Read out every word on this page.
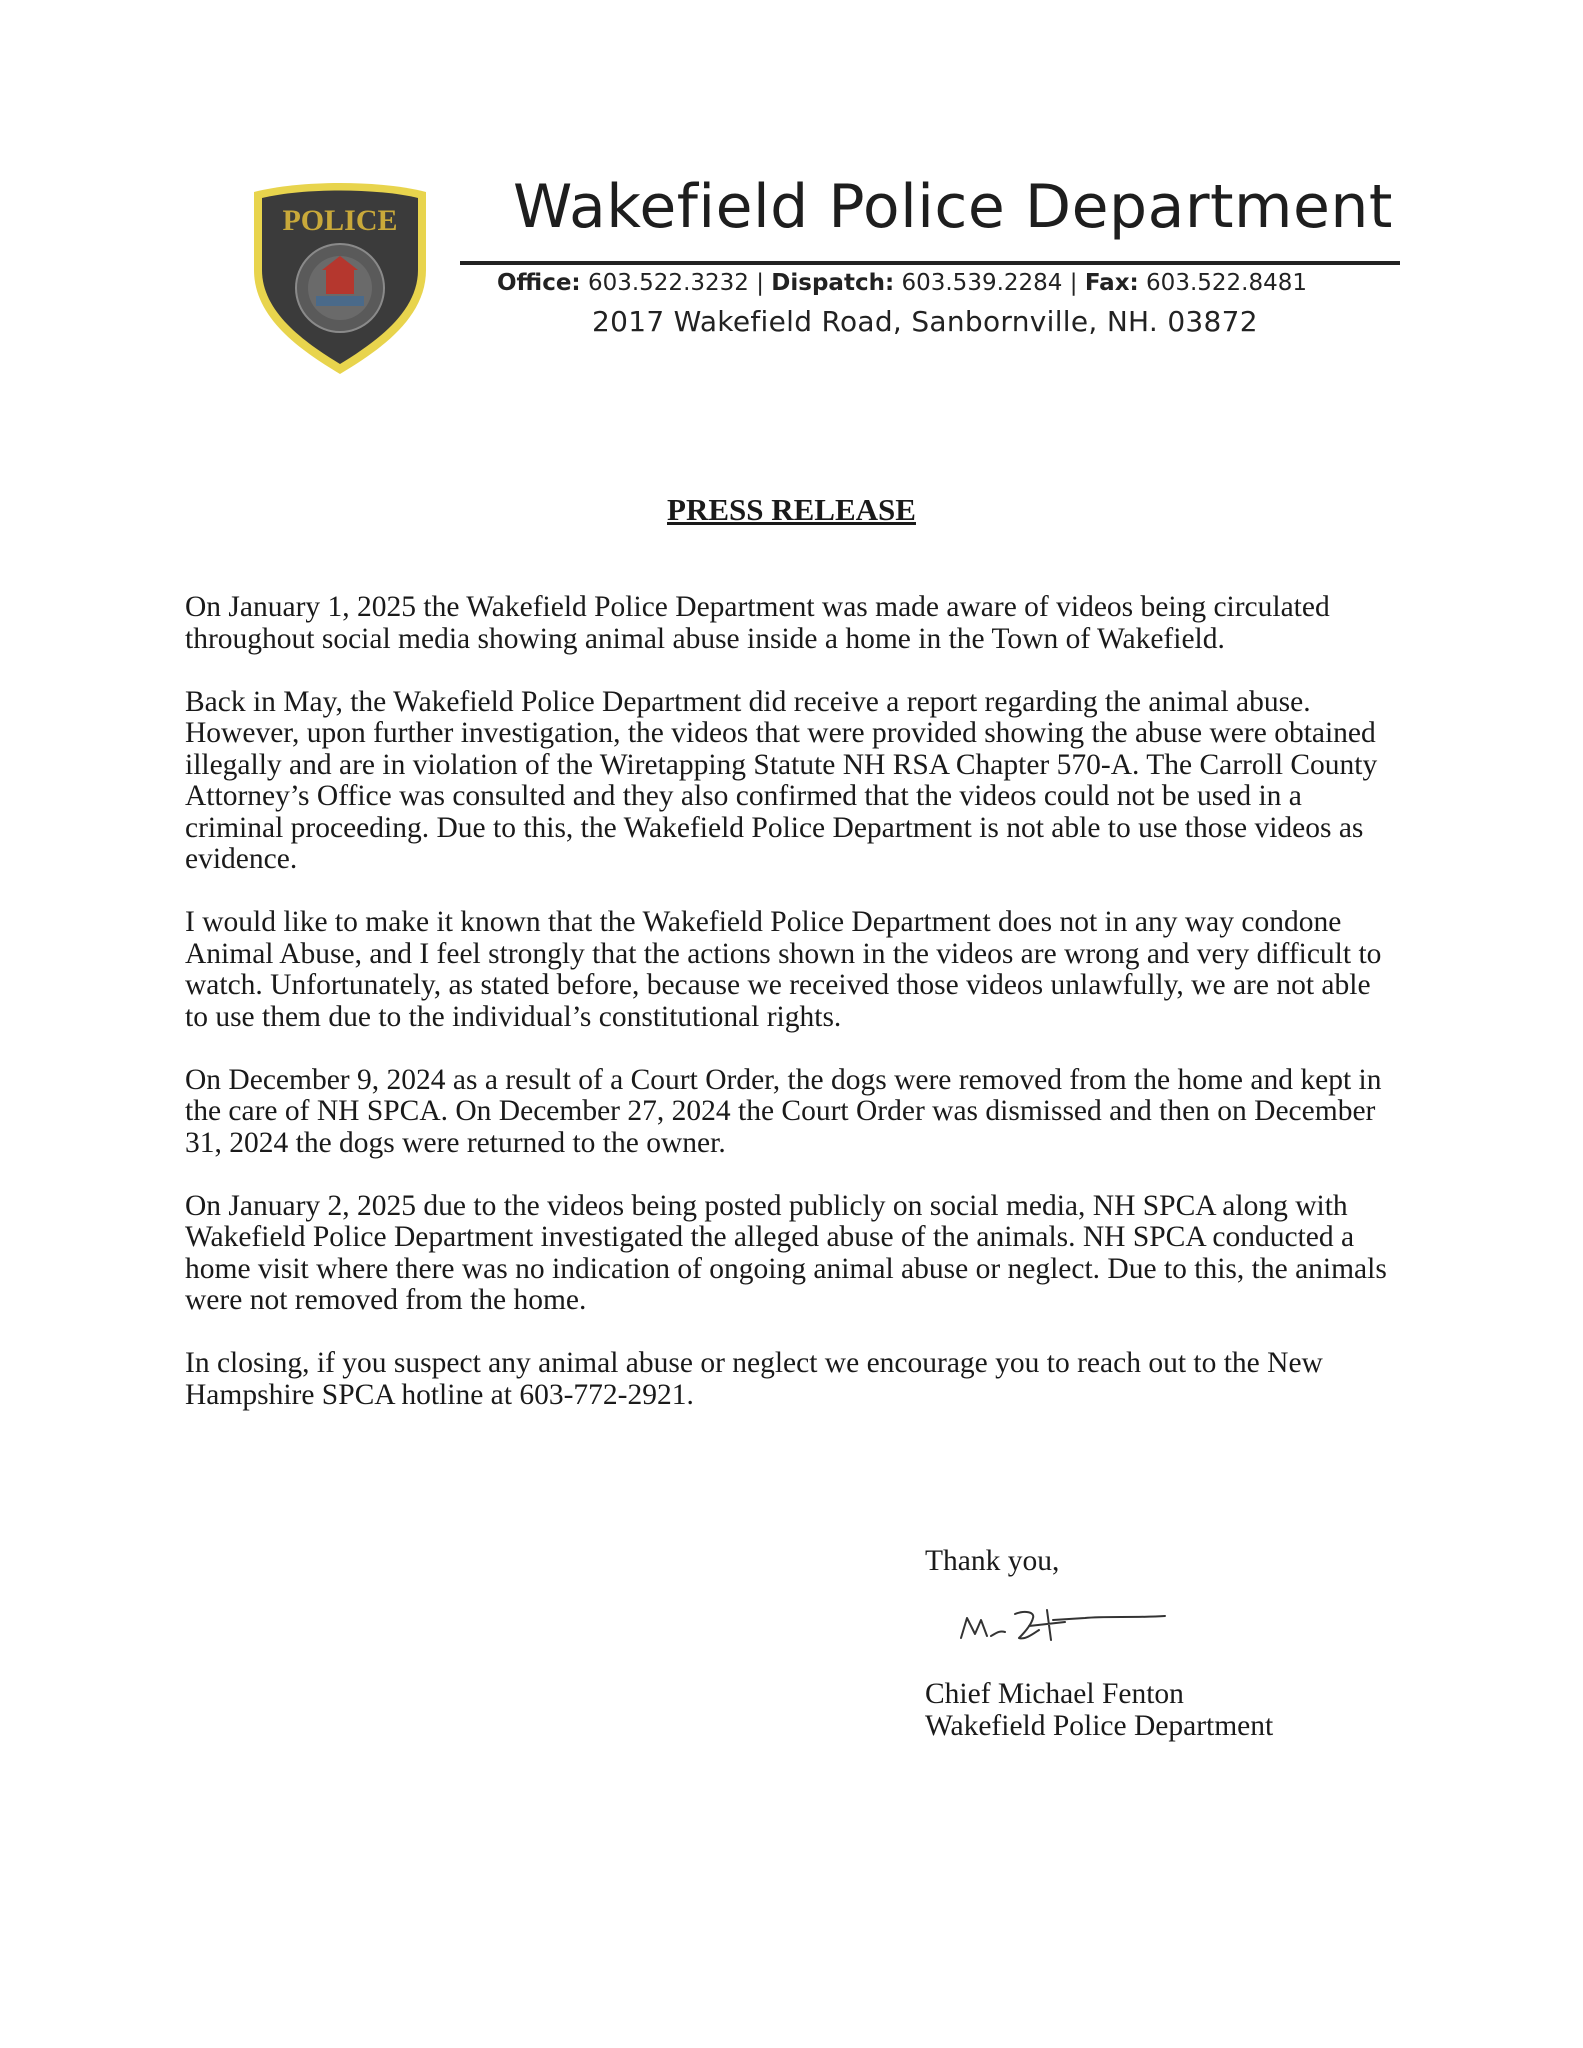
POLICE Wakefield Police Department
Office: 603.522.3232 | Dispatch: 603.539.2284 | Fax: 603.522.8481
2017 Wakefield Road, Sanbornville, NH. 03872
PRESS RELEASE

On January 1, 2025 the Wakefield Police Department was made aware of videos being circulated throughout social media showing animal abuse inside a home in the Town of Wakefield.

Back in May, the Wakefield Police Department did receive a report regarding the animal abuse. However, upon further investigation, the videos that were provided showing the abuse were obtained illegally and are in violation of the Wiretapping Statute NH RSA Chapter 570-A. The Carroll County Attorney’s Office was consulted and they also confirmed that the videos could not be used in a criminal proceeding. Due to this, the Wakefield Police Department is not able to use those videos as evidence.

I would like to make it known that the Wakefield Police Department does not in any way condone Animal Abuse, and I feel strongly that the actions shown in the videos are wrong and very difficult to watch. Unfortunately, as stated before, because we received those videos unlawfully, we are not able to use them due to the individual’s constitutional rights.

On December 9, 2024 as a result of a Court Order, the dogs were removed from the home and kept in the care of NH SPCA. On December 27, 2024 the Court Order was dismissed and then on December 31, 2024 the dogs were returned to the owner.

On January 2, 2025 due to the videos being posted publicly on social media, NH SPCA along with Wakefield Police Department investigated the alleged abuse of the animals. NH SPCA conducted a home visit where there was no indication of ongoing animal abuse or neglect. Due to this, the animals were not removed from the home.

In closing, if you suspect any animal abuse or neglect we encourage you to reach out to the New Hampshire SPCA hotline at 603-772-2921.

Thank you,
Chief Michael Fenton
Wakefield Police Department
